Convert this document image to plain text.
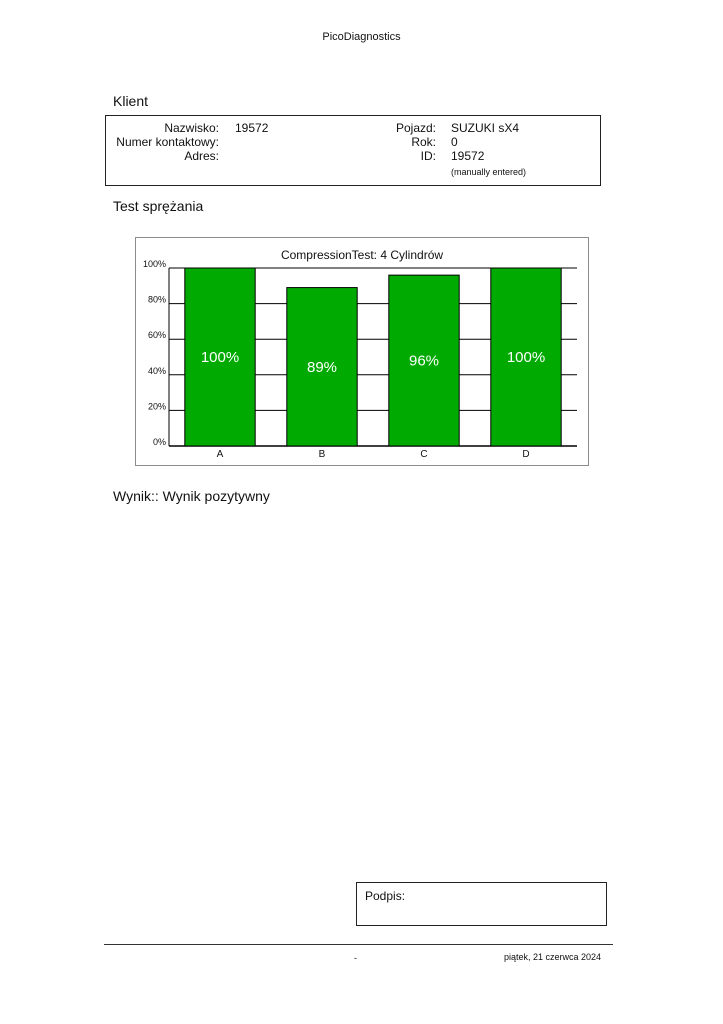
PicoDiagnostics
Klient
Nazwisko: 19572
Numer kontaktowy:
Adres:
Pojazd: SUZUKI sX4
Rok: 0
ID: 19572
(manually entered)
Test sprężania
CompressionTest: 4 Cylindrów
100%
89%	96%	100%
0%
20%
40%
60%
80%
100%
A	B	C	D
Wynik:: Wynik pozytywny
Podpis:
-	piątek, 21 czerwca 2024
